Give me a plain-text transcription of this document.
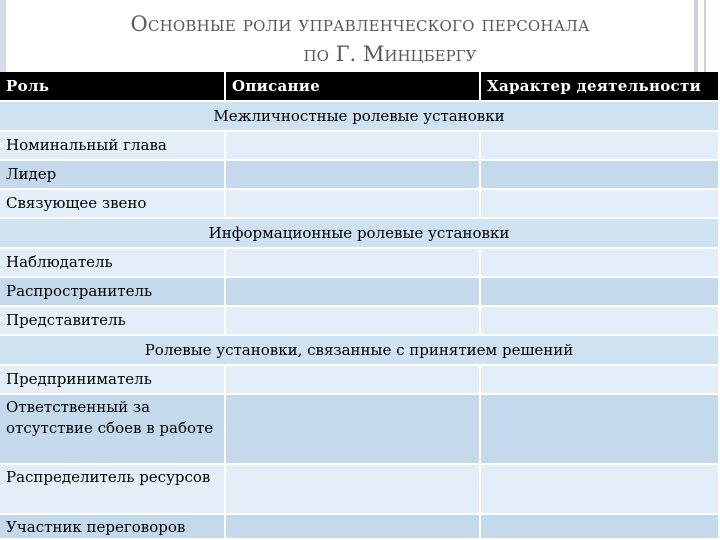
Основные роли управленческого персонала
по Г. Минцбергу
Роль	Описание	Характер деятельности
Межличностные ролевые установки
Номинальный глава
Лидер
Связующее звено
Информационные ролевые установки
Наблюдатель
Распространитель
Представитель
Ролевые установки, связанные с принятием решений
Предприниматель
Ответственный за отсутствие сбоев в работе
Распределитель ресурсов
Участник переговоров
